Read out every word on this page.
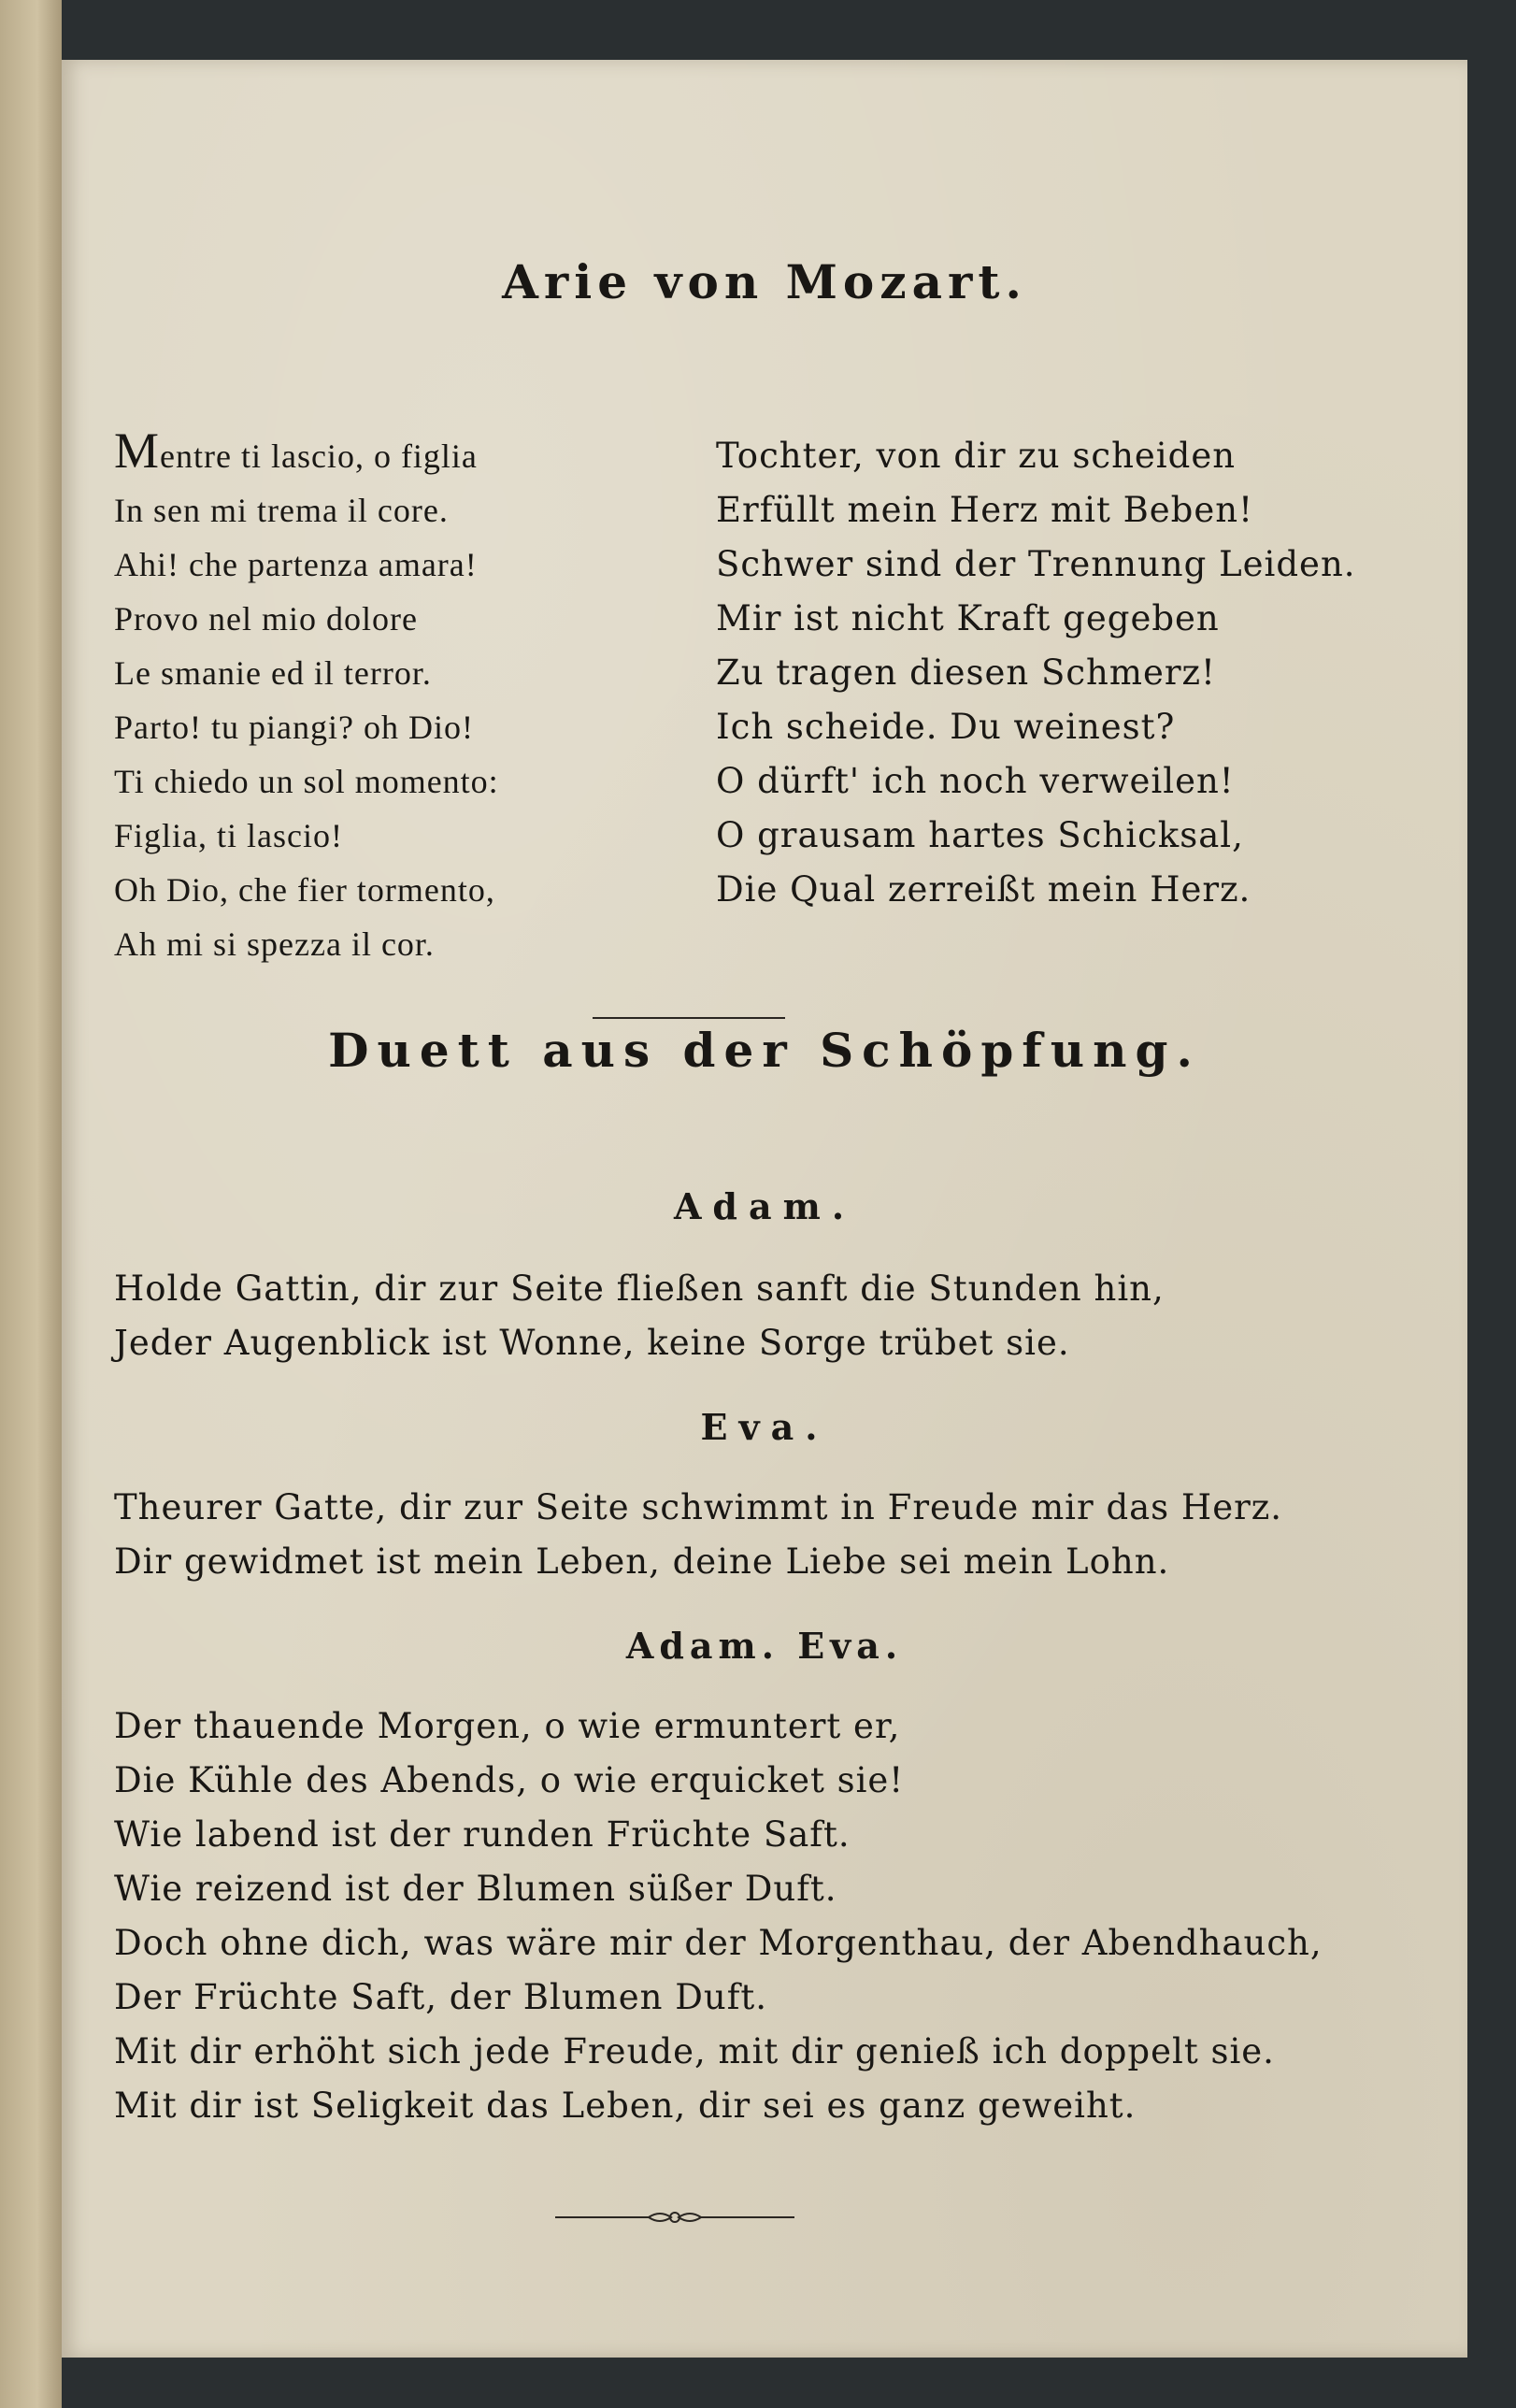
Arie von Mozart.
Mentre ti lascio, o figlia
In sen mi trema il core.
Ahi! che partenza amara!
Provo nel mio dolore
Le smanie ed il terror.
Parto! tu piangi? oh Dio!
Ti chiedo un sol momento:
Figlia, ti lascio!
Oh Dio, che fier tormento,
Ah mi si spezza il cor.
Tochter, von dir zu scheiden
Erfüllt mein Herz mit Beben!
Schwer sind der Trennung Leiden.
Mir ist nicht Kraft gegeben
Zu tragen diesen Schmerz!
Ich scheide. Du weinest?
O dürft' ich noch verweilen!
O grausam hartes Schicksal,
Die Qual zerreißt mein Herz.
Duett aus der Schöpfung.
Adam.
Holde Gattin, dir zur Seite fließen sanft die Stunden hin,
Jeder Augenblick ist Wonne, keine Sorge trübet sie.
Eva.
Theurer Gatte, dir zur Seite schwimmt in Freude mir das Herz.
Dir gewidmet ist mein Leben, deine Liebe sei mein Lohn.
Adam. Eva.
Der thauende Morgen, o wie ermuntert er,
Die Kühle des Abends, o wie erquicket sie!
Wie labend ist der runden Früchte Saft.
Wie reizend ist der Blumen süßer Duft.
Doch ohne dich, was wäre mir der Morgenthau, der Abendhauch,
Der Früchte Saft, der Blumen Duft.
Mit dir erhöht sich jede Freude, mit dir genieß ich doppelt sie.
Mit dir ist Seligkeit das Leben, dir sei es ganz geweiht.
